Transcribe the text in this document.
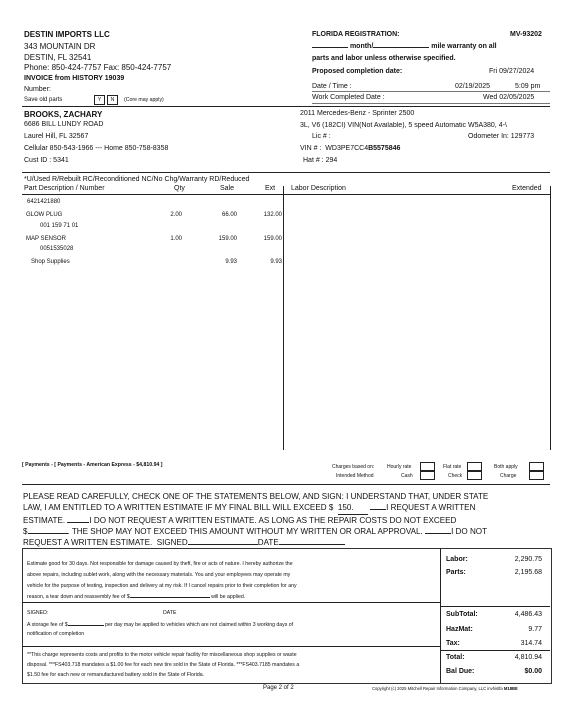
DESTIN IMPORTS LLC
343 MOUNTAIN DR
DESTIN, FL 32541
Phone: 850-424-7757 Fax: 850-424-7757
INVOICE from HISTORY 19039
Number:
Save old parts	Y	N	(Core may apply)
FLORIDA REGISTRATION:	MV-93202
month/	mile warranty on all
parts and labor unless otherwise specified.
Proposed completion date:	Fri 09/27/2024
Date / Time :	02/19/2025	5:09 pm
Work Completed Date :	Wed 02/05/2025
BROOKS, ZACHARY
6686 BILL LUNDY ROAD
Laurel Hill, FL 32567
Cellular 850-543-1966 --- Home 850-758-8358
Cust ID : 5341
2011 Mercedes-Benz - Sprinter 2500
3L, V6 (182CI) VIN(Not Available), 5 speed Automatic W5A380, 4-\
Lic # :	Odometer In: 129773
VIN # : WD3PE7CC4B5575846
Hat # : 294
*U/Used R/Rebuilt RC/Reconditioned NC/No Chg/Warranty RD/Reduced
Part Description / Number	Qty	Sale	Ext Labor Description	Extended
6421421880
GLOW PLUG	2.00	66.00	132.00
001 159 71 01
MAP SENSOR	1.00	159.00	159.00
0051535028
Shop Supplies	9.93	9.93
[ Payments - [ Payments - American Express - $4,810.94 ]	Charges based on:
Intended Method
Hourly rate
Cash
Flat rate
Check
Both apply
Charge
PLEASE READ CAREFULLY, CHECK ONE OF THE STATEMENTS BELOW, AND SIGN: I UNDERSTAND THAT, UNDER STATE
LAW, I AM ENTITLED TO A WRITTEN ESTIMATE IF MY FINAL BILL WILL EXCEED $ 150.	I REQUEST A WRITTEN
ESTIMATE.	I DO NOT REQUEST A WRITTEN ESTIMATE. AS LONG AS THE REPAIR COSTS DO NOT EXCEED
$	. THE SHOP MAY NOT EXCEED THIS AMOUNT WITHOUT MY WRITTEN OR ORAL APPROVAL.	I DO NOT
REQUEST A WRITTEN ESTIMATE. SIGNED	DATE
Estimate good for 30 days. Not responsible for damage caused by theft, fire or acts of nature. I hereby authorize the
above repairs, including sublet work, along with the necessary materials. You and your employees may operate my
vehicle for the purpose of testing, inspection and delivery at my risk. If I cancel repairs prior to their completion for any
reason, a tear down and reassembly fee of $	will be applied.
SIGNED:	DATE
A storage fee of $	per day may be applied to vehicles which are not claimed within 3 working days of
notification of completion
**This charge represents costs and profits to the motor vehicle repair facility for miscellaneous shop supplies or waste
disposal. ***FS403.718 mandates a $1.00 fee for each new tire sold in the State of Florida. ***FS403.7185 mandates a
$1.50 fee for each new or remanufactured battery sold in the State of Florida.
Labor:	2,290.75
Parts:	2,195.68
SubTotal:	4,486.43
HazMat:	9.77
Tax:	314.74
Total:	4,810.94
Bal Due:	$0.00
Page 2 of 2	Copyright (c) 2025 Mitchell Repair Information Company, LLC invhistfa M18BE
